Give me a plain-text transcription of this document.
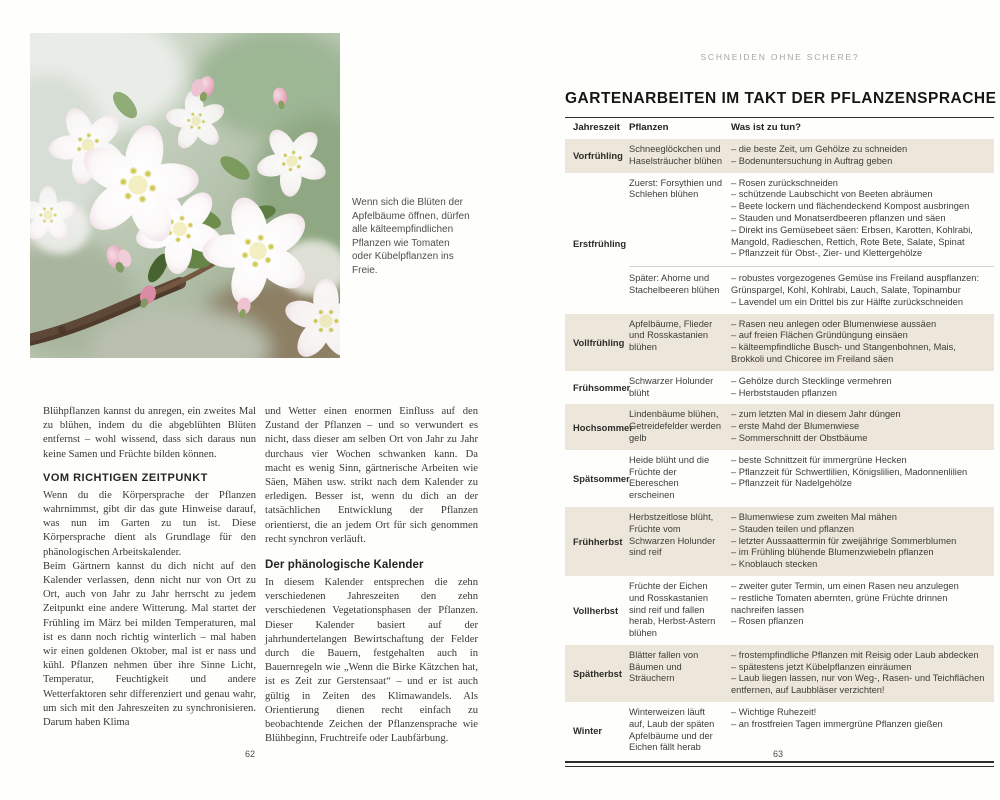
Wenn sich die Blüten der Apfelbäume öffnen, dürfen alle kälteempfindlichen Pflanzen wie Tomaten oder Kübelpflanzen ins Freie.

Blühpflanzen kannst du anregen, ein zweites Mal zu blühen, indem du die abgeblühten Blüten entfernst – wohl wissend, dass sich daraus nun keine Samen und Früchte bilden können.

VOM RICHTIGEN ZEITPUNKT

Wenn du die Körpersprache der Pflanzen wahrnimmst, gibt dir das gute Hinweise darauf, was nun im Garten zu tun ist. Diese Körpersprache dient als Grundlage für den phänologischen Arbeitskalender.

Beim Gärtnern kannst du dich nicht auf den Kalender verlassen, denn nicht nur von Ort zu Ort, auch von Jahr zu Jahr herrscht zu jedem Zeitpunkt eine andere Witterung. Mal startet der Frühling im März bei milden Temperaturen, mal ist es dann noch richtig winterlich – mal haben wir einen goldenen Oktober, mal ist er nass und kühl. Pflanzen nehmen über ihre Sinne Licht, Temperatur, Feuchtigkeit und andere Wetterfaktoren sehr differenziert und genau wahr, um sich mit den Jahreszeiten zu synchronisieren. Darum haben Klima

und Wetter einen enormen Einfluss auf den Zustand der Pflanzen – und so verwundert es nicht, dass dieser am selben Ort von Jahr zu Jahr durchaus vier Wochen schwanken kann. Da macht es wenig Sinn, gärtnerische Arbeiten wie Säen, Mähen usw. strikt nach dem Kalender zu erledigen. Besser ist, wenn du dich an der tatsächlichen Entwicklung der Pflanzen orientierst, die an jedem Ort für sich genommen recht synchron verläuft.

Der phänologische Kalender

In diesem Kalender entsprechen die zehn verschiedenen Jahreszeiten den zehn verschiedenen Vegetationsphasen der Pflanzen. Dieser Kalender basiert auf der jahrhundertelangen Bewirtschaftung der Felder durch die Bauern, festgehalten auch in Bauernregeln wie „Wenn die Birke Kätzchen hat, ist es Zeit zur Gerstensaat“ – und er ist auch gültig in Zeiten des Klimawandels. Als Orientierung dienen recht einfach zu beobachtende Zeichen der Pflanzensprache wie Blühbeginn, Fruchtreife oder Laubfärbung.

62
SCHNEIDEN OHNE SCHERE?
GARTENARBEITEN IM TAKT DER PFLANZENSPRACHE
Jahreszeit Pflanzen	Was ist zu tun?
Vorfrühling
Schneeglöckchen und Haselsträucher blühen
– die beste Zeit, um Gehölze zu schneiden
– Bodenuntersuchung in Auftrag geben
Erstfrühling
Zuerst: Forsythien und Schlehen blühen
– Rosen zurückschneiden
– schützende Laubschicht von Beeten abräumen
– Beete lockern und flächendeckend Kompost ausbringen
– Stauden und Monatserdbeeren pflanzen und säen
– Direkt ins Gemüsebeet säen: Erbsen, Karotten, Kohlrabi, Mangold, Radieschen, Rettich, Rote Bete, Salate, Spinat
– Pflanzzeit für Obst-, Zier- und Klettergehölze
Später: Ahorne und Stachelbeeren blühen
– robustes vorgezogenes Gemüse ins Freiland auspflanzen: Grünspargel, Kohl, Kohlrabi, Lauch, Salate, Topinambur
– Lavendel um ein Drittel bis zur Hälfte zurückschneiden
Vollfrühling
Apfelbäume, Flieder und Rosskastanien blühen
– Rasen neu anlegen oder Blumenwiese aussäen
– auf freien Flächen Gründüngung einsäen
– kälteempfindliche Busch- und Stangenbohnen, Mais, Brokkoli und Chicoree im Freiland säen
Frühsommer
Schwarzer Holunder blüht
– Gehölze durch Stecklinge vermehren
– Herbststauden pflanzen
Hochsommer
Lindenbäume blühen, Getreidefelder werden gelb
– zum letzten Mal in diesem Jahr düngen
– erste Mahd der Blumenwiese
– Sommerschnitt der Obstbäume
Spätsommer
Heide blüht und die Früchte der Ebereschen erscheinen
– beste Schnittzeit für immergrüne Hecken
– Pflanzzeit für Schwertlilien, Königslilien, Madonnenlilien
– Pflanzzeit für Nadelgehölze
Frühherbst
Herbstzeitlose blüht, Früchte vom Schwarzen Holunder sind reif
– Blumenwiese zum zweiten Mal mähen
– Stauden teilen und pflanzen
– letzter Aussaattermin für zweijährige Sommerblumen
– im Frühling blühende Blumenzwiebeln pflanzen
– Knoblauch stecken
Vollherbst
Früchte der Eichen und Rosskastanien sind reif und fallen herab, Herbst-Astern blühen
– zweiter guter Termin, um einen Rasen neu anzulegen
– restliche Tomaten abernten, grüne Früchte drinnen nachreifen lassen
– Rosen pflanzen
Spätherbst
Blätter fallen von Bäumen und Sträuchern
– frostempfindliche Pflanzen mit Reisig oder Laub abdecken
– spätestens jetzt Kübelpflanzen einräumen
– Laub liegen lassen, nur von Weg-, Rasen- und Teichflächen entfernen, auf Laubbläser verzichten!
Winter
Winterweizen läuft auf, Laub der späten Apfelbäume und der Eichen fällt herab
– Wichtige Ruhezeit!
– an frostfreien Tagen immergrüne Pflanzen gießen
63
